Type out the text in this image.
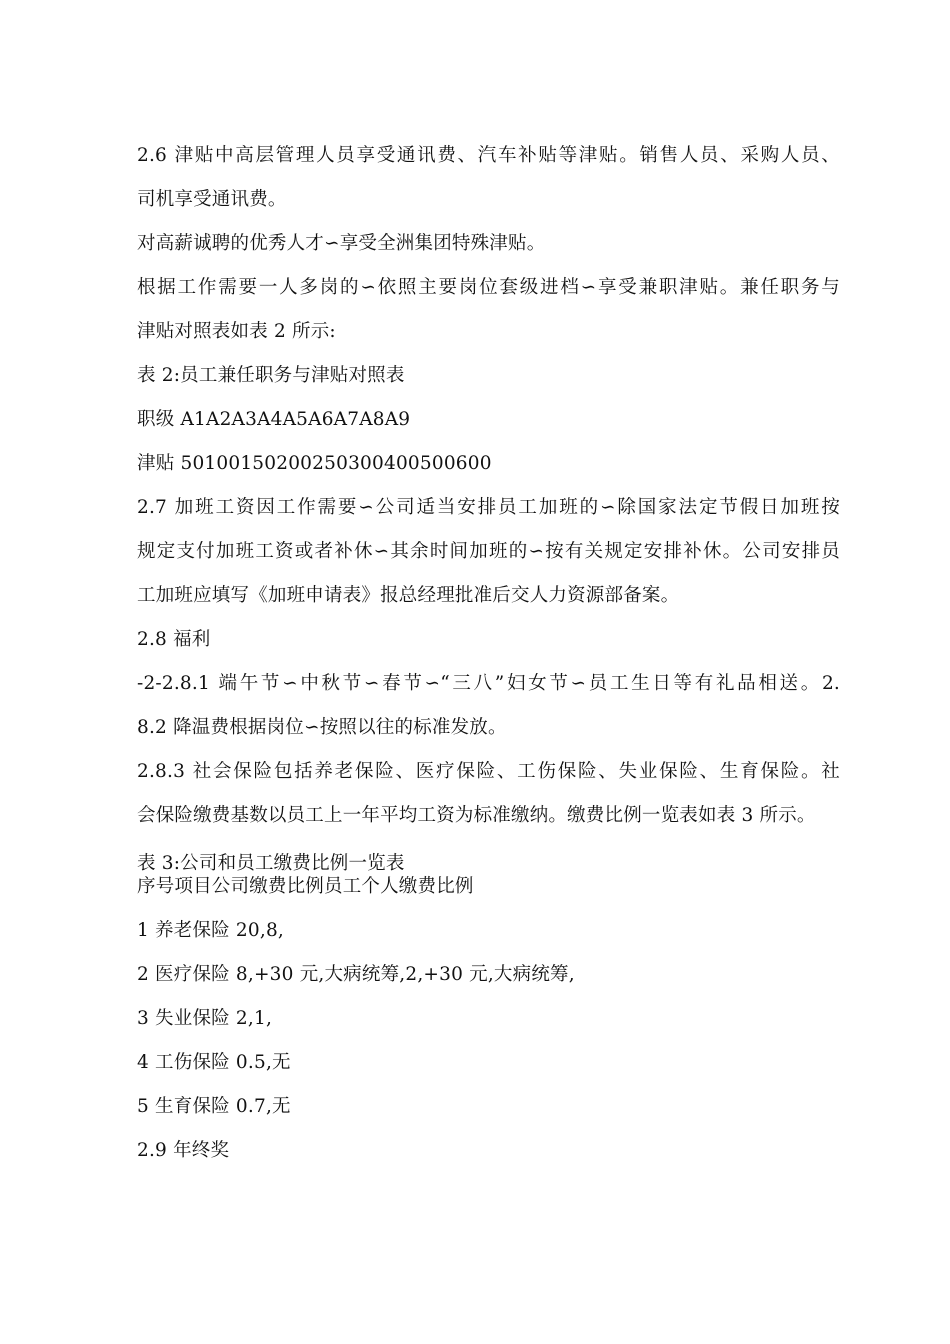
2.6 津贴中高层管理人员享受通讯费、汽车补贴等津贴。销售人员、采购人员、
司机享受通讯费。
对高薪诚聘的优秀人才∽享受全洲集团特殊津贴。
根据工作需要一人多岗的∽依照主要岗位套级进档∽享受兼职津贴。兼任职务与
津贴对照表如表 2 所示:
表 2:员工兼任职务与津贴对照表
职级 A1A2A3A4A5A6A7A8A9
津贴 50100150200250300400500600
2.7 加班工资因工作需要∽公司适当安排员工加班的∽除国家法定节假日加班按
规定支付加班工资或者补休∽其余时间加班的∽按有关规定安排补休。公司安排员
工加班应填写《加班申请表》报总经理批准后交人力资源部备案。
2.8 福利
-2-2.8.1 端午节∽中秋节∽春节∽“三八”妇女节∽员工生日等有礼品相送。2.
8.2 降温费根据岗位∽按照以往的标准发放。
2.8.3 社会保险包括养老保险、医疗保险、工伤保险、失业保险、生育保险。社
会保险缴费基数以员工上一年平均工资为标准缴纳。缴费比例一览表如表 3 所示。
表 3:公司和员工缴费比例一览表
序号项目公司缴费比例员工个人缴费比例
1 养老保险 20,8,
2 医疗保险 8,+30 元,大病统筹,2,+30 元,大病统筹,
3 失业保险 2,1,
4 工伤保险 0.5,无
5 生育保险 0.7,无
2.9 年终奖
